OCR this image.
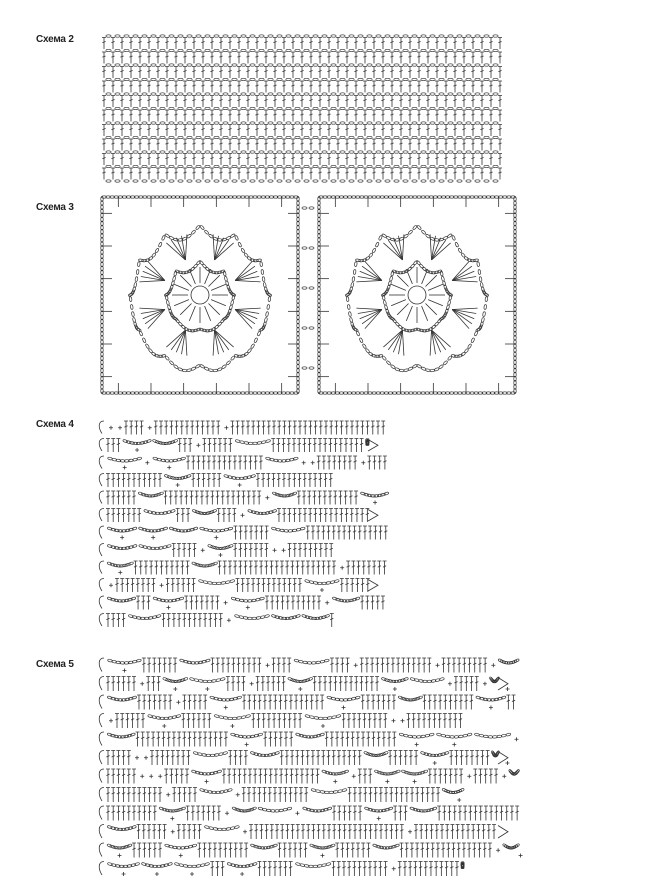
Схема 2
Схема 3
Схема 4
Схема 5
